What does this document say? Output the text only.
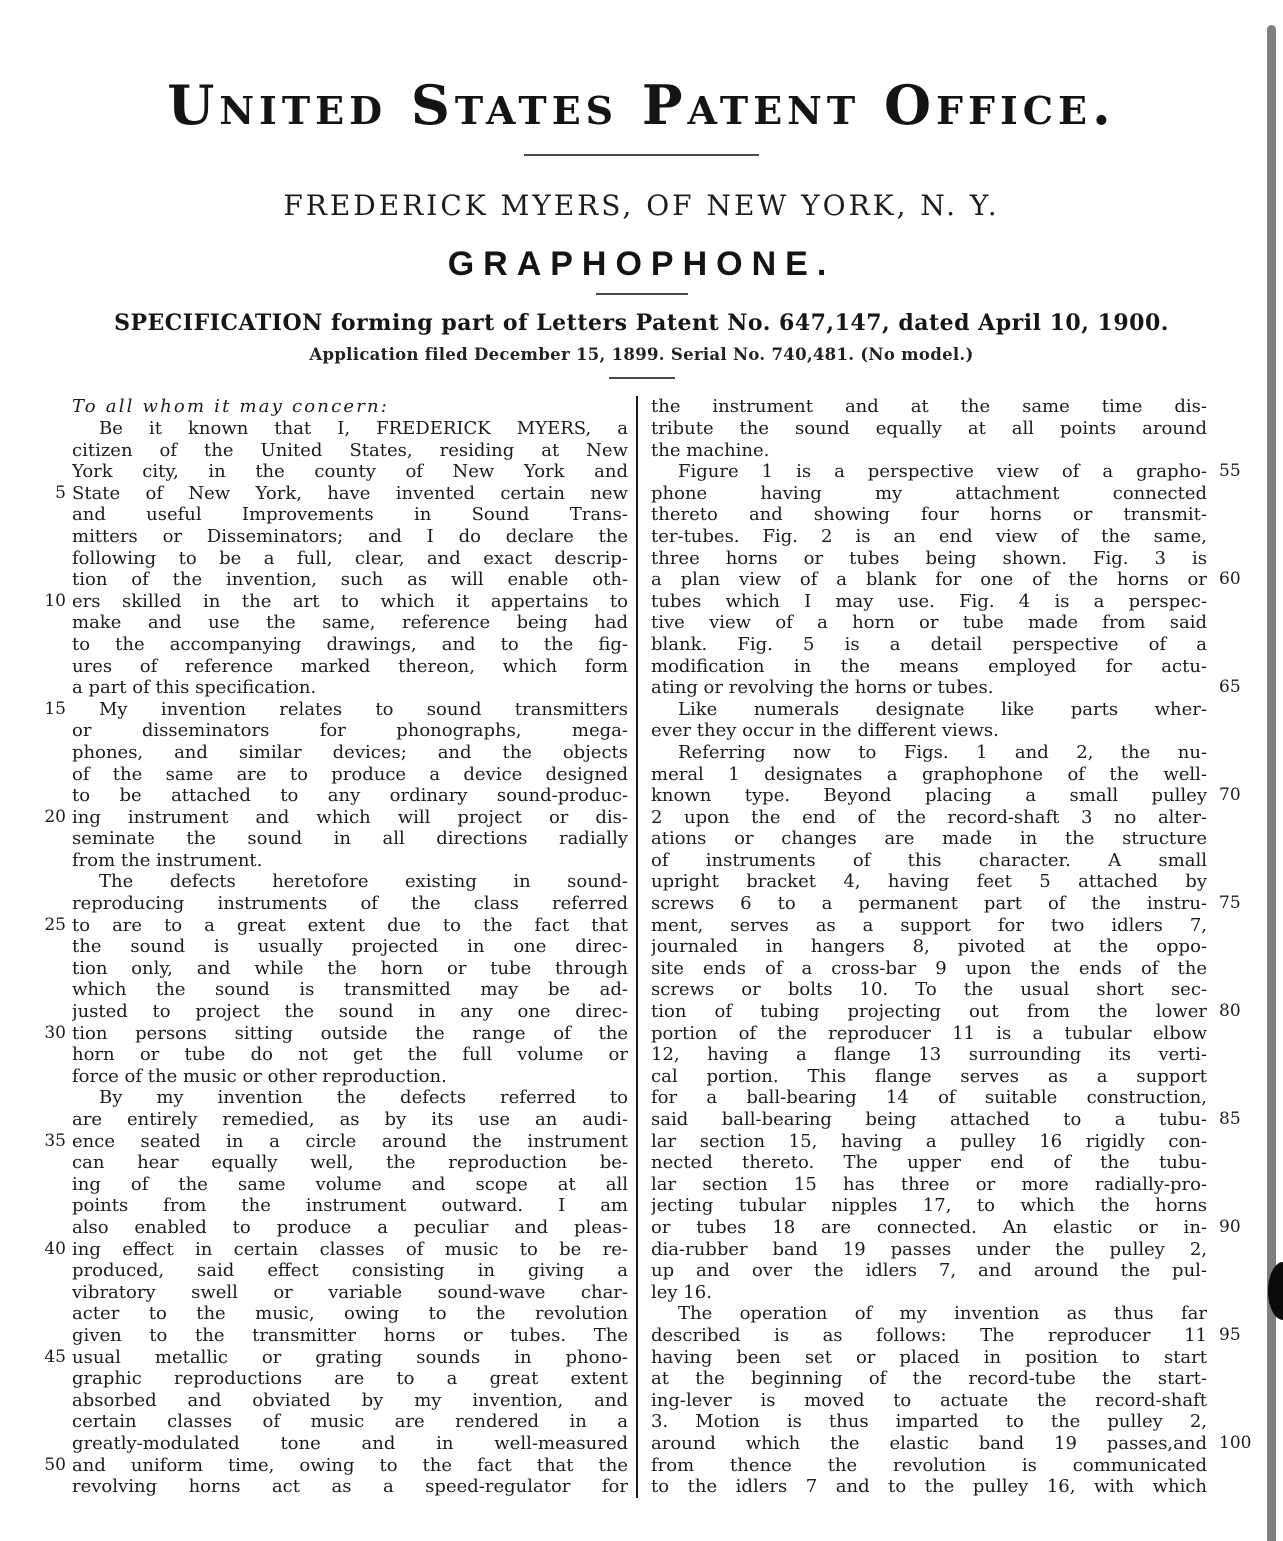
United States Patent Office.
FREDERICK MYERS, OF NEW YORK, N. Y.
GRAPHOPHONE.
SPECIFICATION forming part of Letters Patent No. 647,147, dated April 10, 1900.
Application filed December 15, 1899. Serial No. 740,481. (No model.)
5
10
15
20
25
30
35
40
45
50
To all whom it may concern:
Be it known that I, FREDERICK MYERS, a
citizen of the United States, residing at New
York city, in the county of New York and
State of New York, have invented certain new
and useful Improvements in Sound Trans-
mitters or Disseminators; and I do declare the
following to be a full, clear, and exact descrip-
tion of the invention, such as will enable oth-
ers skilled in the art to which it appertains to
make and use the same, reference being had
to the accompanying drawings, and to the fig-
ures of reference marked thereon, which form
a part of this specification.
My invention relates to sound transmitters
or disseminators for phonographs, mega-
phones, and similar devices; and the objects
of the same are to produce a device designed
to be attached to any ordinary sound-produc-
ing instrument and which will project or dis-
seminate the sound in all directions radially
from the instrument.
The defects heretofore existing in sound-
reproducing instruments of the class referred
to are to a great extent due to the fact that
the sound is usually projected in one direc-
tion only, and while the horn or tube through
which the sound is transmitted may be ad-
justed to project the sound in any one direc-
tion persons sitting outside the range of the
horn or tube do not get the full volume or
force of the music or other reproduction.
By my invention the defects referred to
are entirely remedied, as by its use an audi-
ence seated in a circle around the instrument
can hear equally well, the reproduction be-
ing of the same volume and scope at all
points from the instrument outward. I am
also enabled to produce a peculiar and pleas-
ing effect in certain classes of music to be re-
produced, said effect consisting in giving a
vibratory swell or variable sound-wave char-
acter to the music, owing to the revolution
given to the transmitter horns or tubes. The
usual metallic or grating sounds in phono-
graphic reproductions are to a great extent
absorbed and obviated by my invention, and
certain classes of music are rendered in a
greatly-modulated tone and in well-measured
and uniform time, owing to the fact that the
revolving horns act as a speed-regulator for
the instrument and at the same time dis-
tribute the sound equally at all points around
the machine.
Figure 1 is a perspective view of a grapho-
phone having my attachment connected
thereto and showing four horns or transmit-
ter-tubes. Fig. 2 is an end view of the same,
three horns or tubes being shown. Fig. 3 is
a plan view of a blank for one of the horns or
tubes which I may use. Fig. 4 is a perspec-
tive view of a horn or tube made from said
blank. Fig. 5 is a detail perspective of a
modification in the means employed for actu-
ating or revolving the horns or tubes.
Like numerals designate like parts wher-
ever they occur in the different views.
Referring now to Figs. 1 and 2, the nu-
meral 1 designates a graphophone of the well-
known type. Beyond placing a small pulley
2 upon the end of the record-shaft 3 no alter-
ations or changes are made in the structure
of instruments of this character. A small
upright bracket 4, having feet 5 attached by
screws 6 to a permanent part of the instru-
ment, serves as a support for two idlers 7,
journaled in hangers 8, pivoted at the oppo-
site ends of a cross-bar 9 upon the ends of the
screws or bolts 10. To the usual short sec-
tion of tubing projecting out from the lower
portion of the reproducer 11 is a tubular elbow
12, having a flange 13 surrounding its verti-
cal portion. This flange serves as a support
for a ball-bearing 14 of suitable construction,
said ball-bearing being attached to a tubu-
lar section 15, having a pulley 16 rigidly con-
nected thereto. The upper end of the tubu-
lar section 15 has three or more radially-pro-
jecting tubular nipples 17, to which the horns
or tubes 18 are connected. An elastic or in-
dia-rubber band 19 passes under the pulley 2,
up and over the idlers 7, and around the pul-
ley 16.
The operation of my invention as thus far
described is as follows: The reproducer 11
having been set or placed in position to start
at the beginning of the record-tube the start-
ing-lever is moved to actuate the record-shaft
3. Motion is thus imparted to the pulley 2,
around which the elastic band 19 passes,and
from thence the revolution is communicated
to the idlers 7 and to the pulley 16, with which
55
60
65
70
75
80
85
90
95
100
